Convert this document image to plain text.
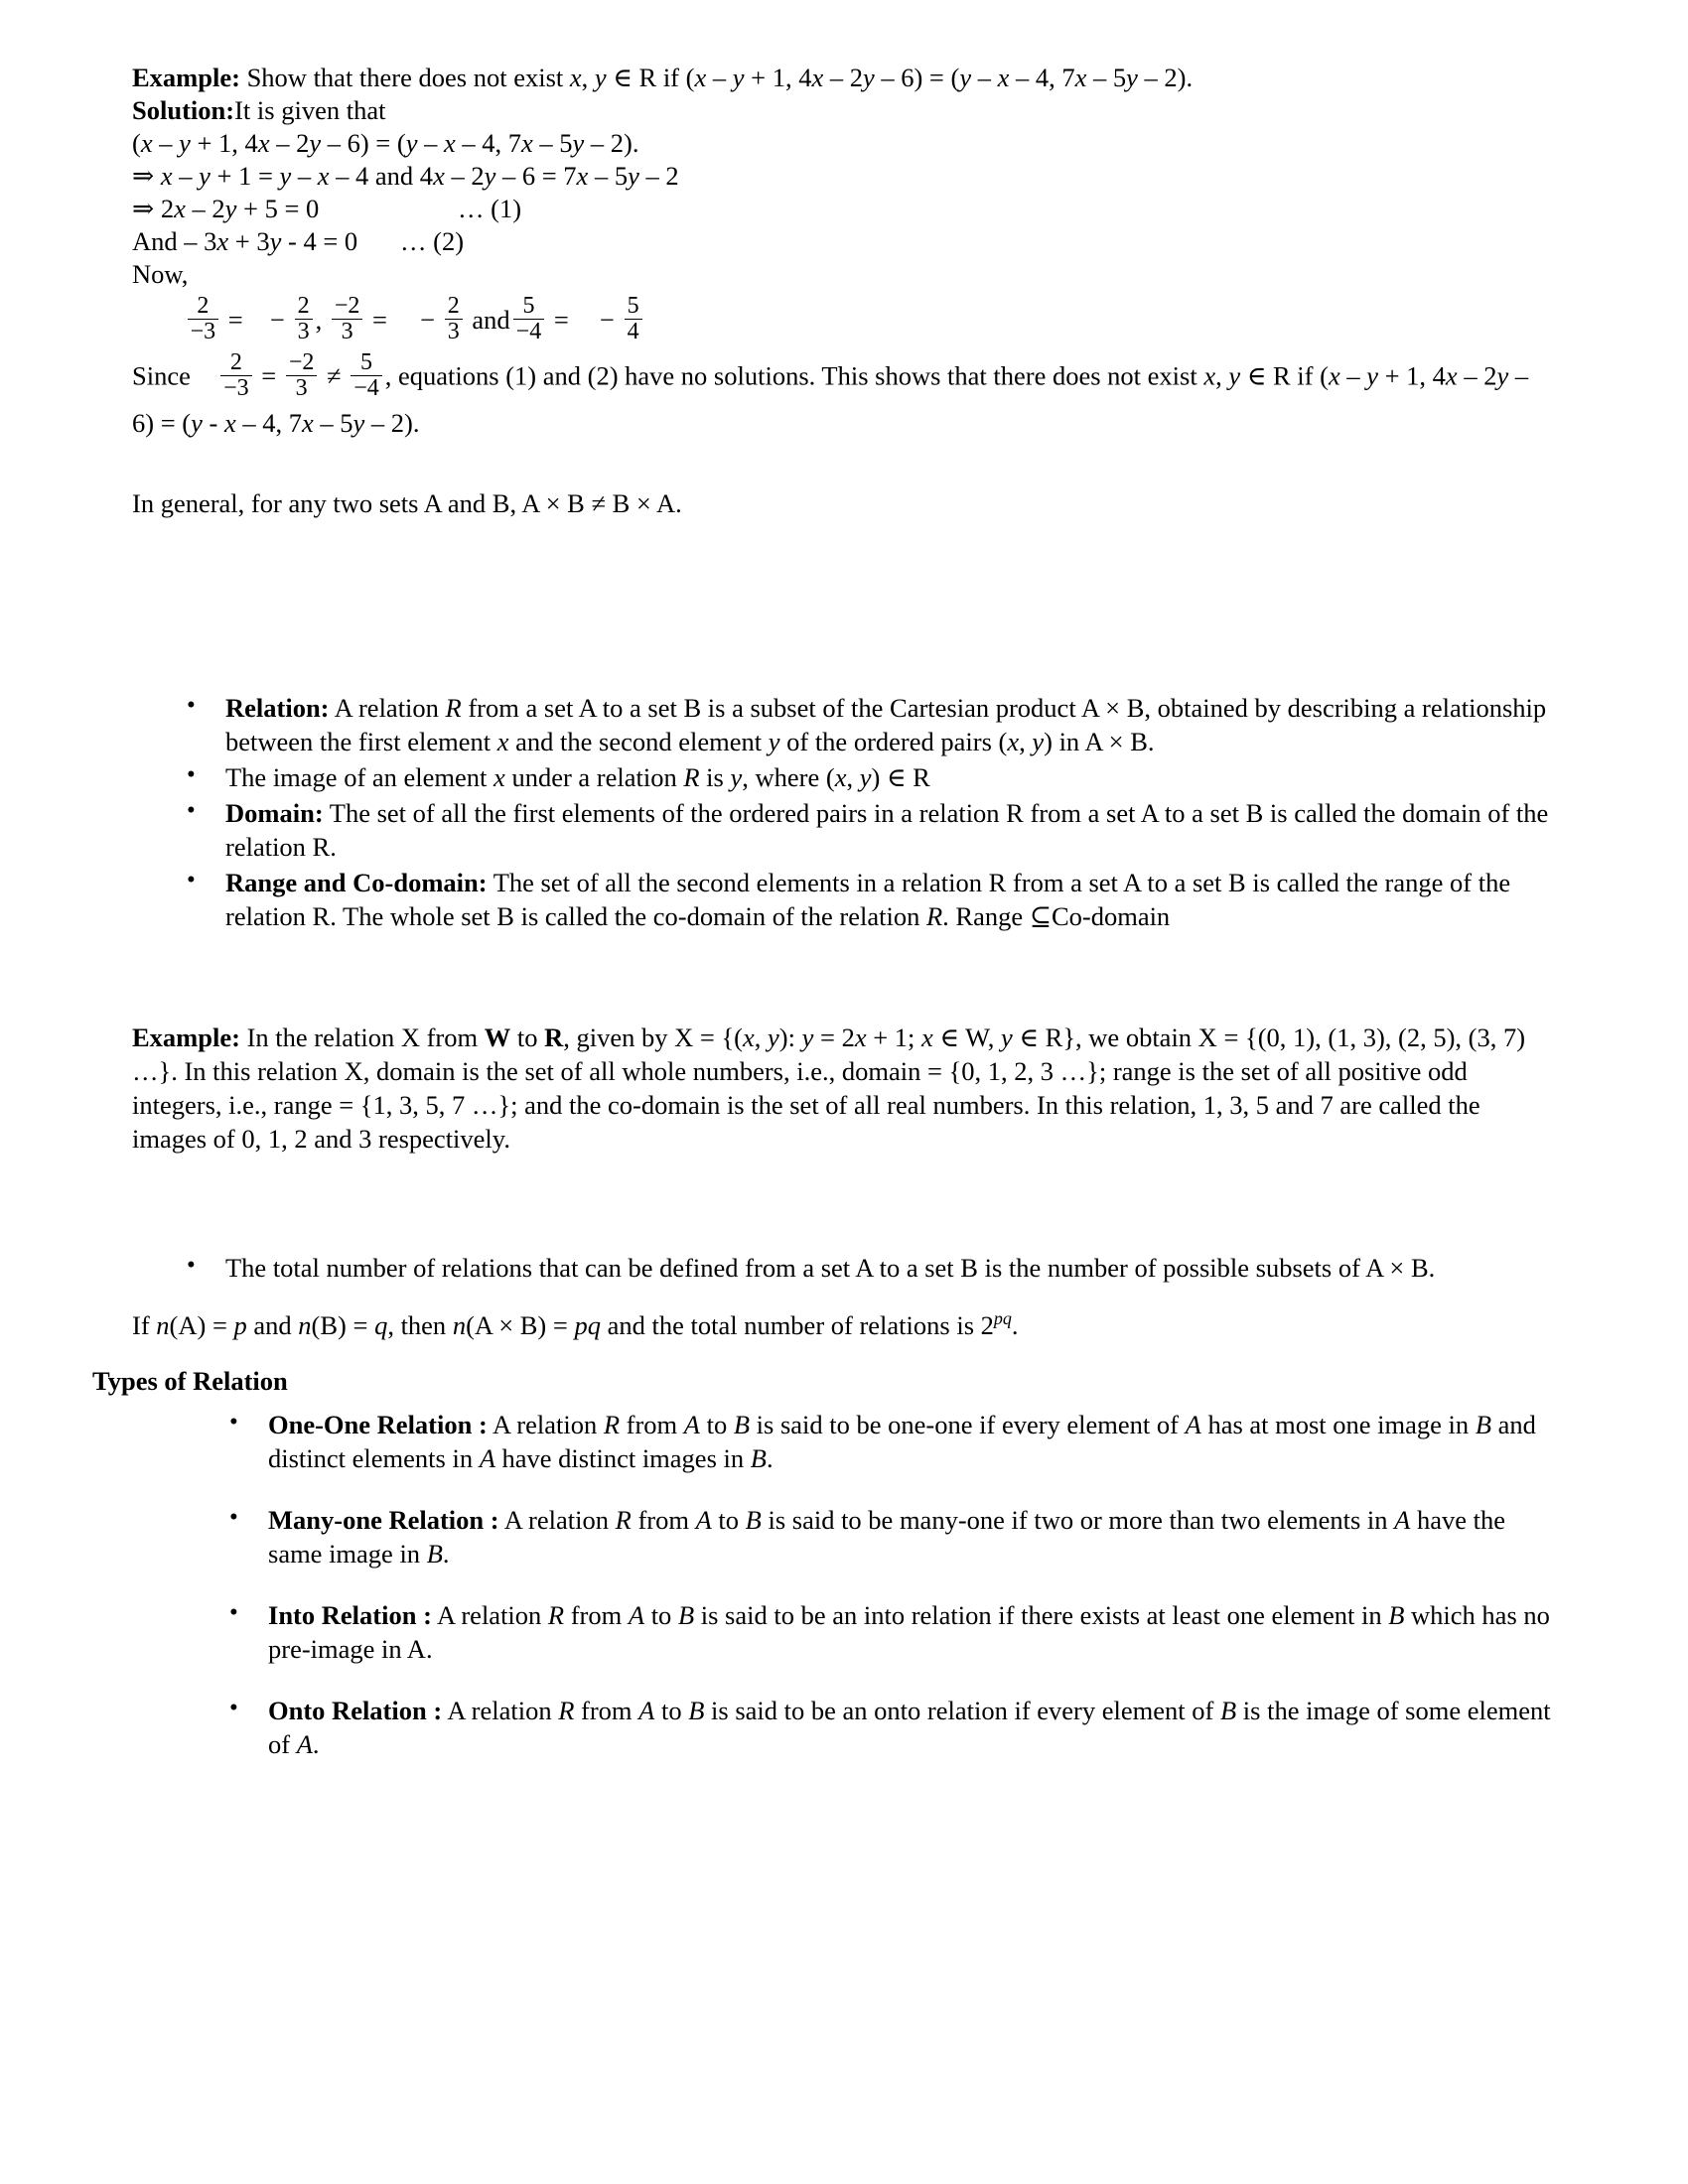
Example: Show that there does not exist x, y ∈ R if (x – y + 1, 4x – 2y – 6) = (y – x – 4, 7x – 5y – 2).
Solution:It is given that
(x – y + 1, 4x – 2y – 6) = (y – x – 4, 7x – 5y – 2).
⇒ x – y + 1 = y – x – 4 and 4x – 2y – 6 = 7x – 5y – 2
⇒ 2x – 2y + 5 = 0	… (1)
And – 3x + 3y - 4 = 0 … (2)
Now,

$\frac{2}{-3}$ = − $\frac{2}{3}$ , $\frac{-2}{3}$ = − $\frac{2}{3}$ and $\frac{5}{-4}$ = − $\frac{5}{4}$
Since $\frac{2}{-3} = \frac{-2}{3} \ne \frac{5}{-4}$ , equations (1) and (2) have no solutions. This shows that there does not exist x, y ∈ R if (x – y + 1, 4x – 2y – 6) = (y - x – 4, 7x – 5y – 2).
In general, for any two sets A and B, A × B ≠ B × A.
• Relation: A relation R from a set A to a set B is a subset of the Cartesian product A × B, obtained by describing a relationship between the first element x and the second element y of the ordered pairs (x, y) in A × B.
• The image of an element x under a relation R is y, where (x, y) ∈ R
• Domain: The set of all the first elements of the ordered pairs in a relation R from a set A to a set B is called the domain of the relation R.
• Range and Co-domain: The set of all the second elements in a relation R from a set A to a set B is called the range of the relation R. The whole set B is called the co-domain of the relation R. Range ⊆Co-domain
Example: In the relation X from W to R, given by X = {(x, y): y = 2x + 1; x ∈ W, y ∈ R}, we obtain X = {(0, 1), (1, 3), (2, 5), (3, 7) …}. In this relation X, domain is the set of all whole numbers, i.e., domain = {0, 1, 2, 3 …}; range is the set of all positive odd integers, i.e., range = {1, 3, 5, 7 …}; and the co-domain is the set of all real numbers. In this relation, 1, 3, 5 and 7 are called the images of 0, 1, 2 and 3 respectively.
• The total number of relations that can be defined from a set A to a set B is the number of possible subsets of A × B.
If n(A) = p and n(B) = q, then n(A × B) = pq and the total number of relations is $2^{pq}$.
Types of Relation
• One-One Relation : A relation R from A to B is said to be one-one if every element of A has at most one image in B and distinct elements in A have distinct images in B.
• Many-one Relation : A relation R from A to B is said to be many-one if two or more than two elements in A have the same image in B.
• Into Relation : A relation R from A to B is said to be an into relation if there exists at least one element in B which has no pre-image in A.
• Onto Relation : A relation R from A to B is said to be an onto relation if every element of B is the image of some element of A.
